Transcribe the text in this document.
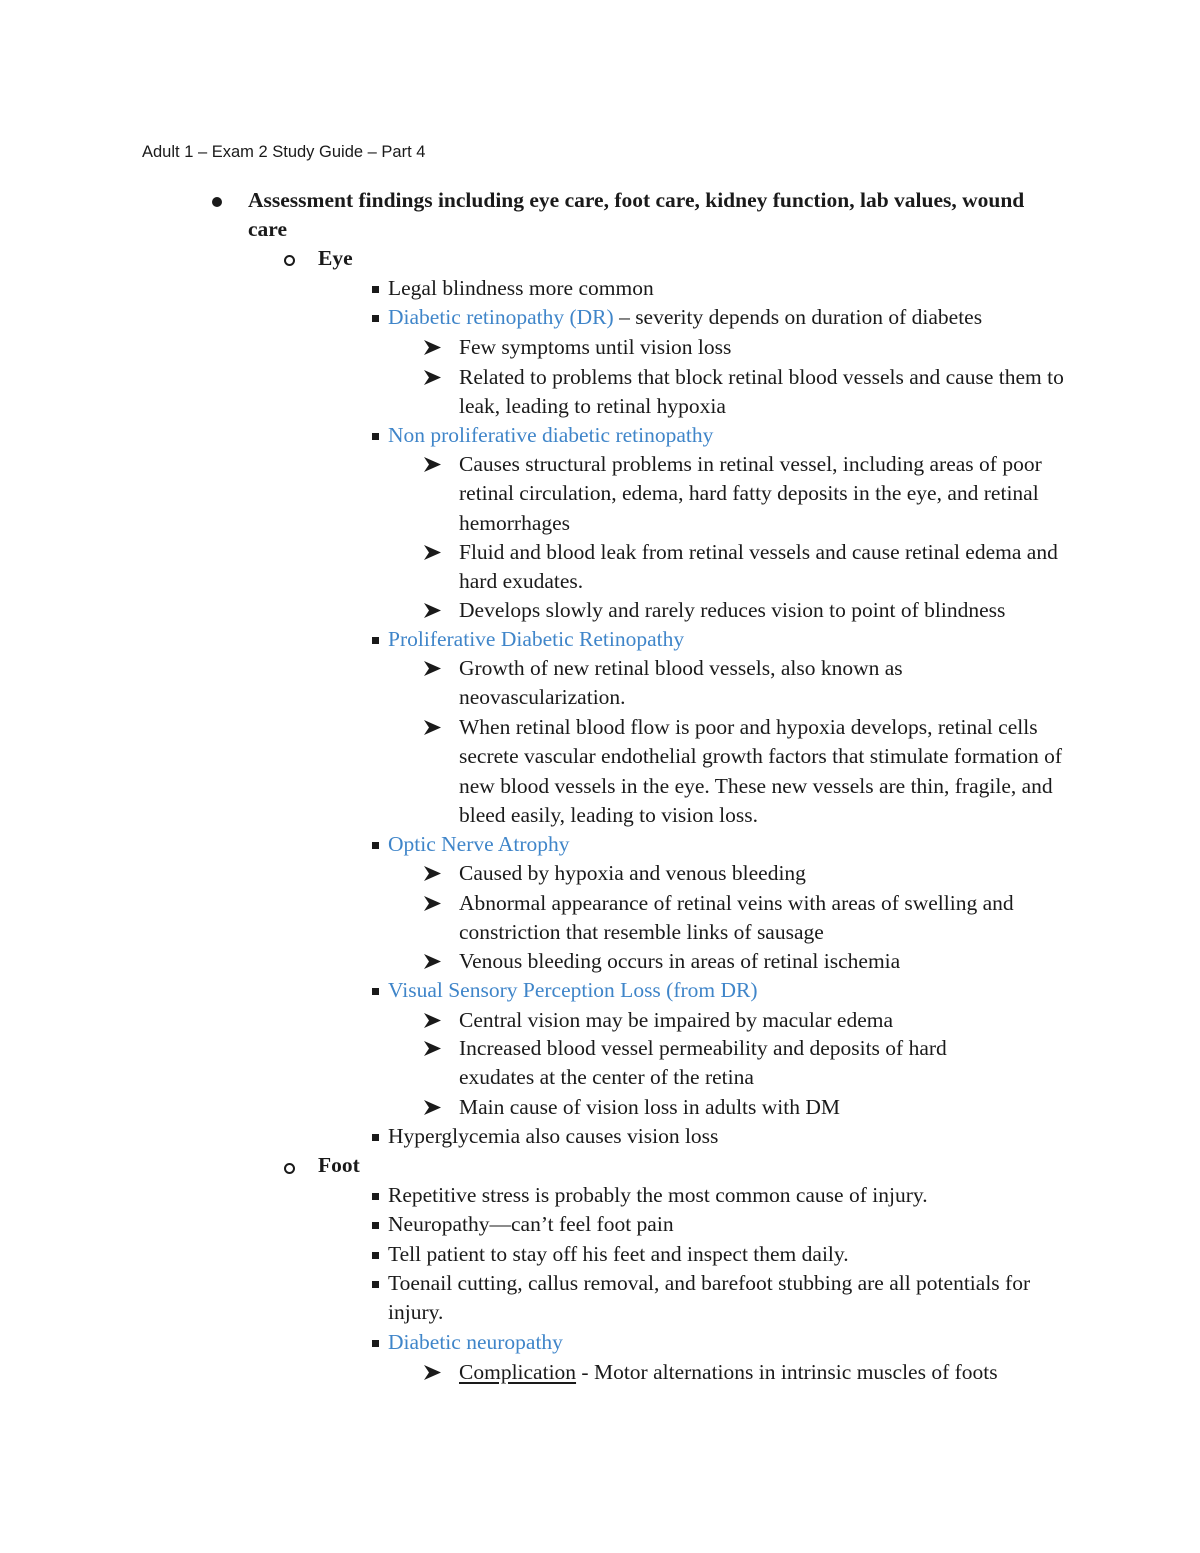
Adult 1 – Exam 2 Study Guide – Part 4
Assessment findings including eye care, foot care, kidney function, lab values, wound care
Eye
Legal blindness more common
Diabetic retinopathy (DR) – severity depends on duration of diabetes
Few symptoms until vision loss
Related to problems that block retinal blood vessels and cause them to leak, leading to retinal hypoxia
Non proliferative diabetic retinopathy
Causes structural problems in retinal vessel, including areas of poor retinal circulation, edema, hard fatty deposits in the eye, and retinal hemorrhages
Fluid and blood leak from retinal vessels and cause retinal edema and hard exudates.
Develops slowly and rarely reduces vision to point of blindness
Proliferative Diabetic Retinopathy
Growth of new retinal blood vessels, also known as neovascularization.
When retinal blood flow is poor and hypoxia develops, retinal cells secrete vascular endothelial growth factors that stimulate formation of new blood vessels in the eye. These new vessels are thin, fragile, and bleed easily, leading to vision loss.
Optic Nerve Atrophy
Caused by hypoxia and venous bleeding
Abnormal appearance of retinal veins with areas of swelling and constriction that resemble links of sausage
Venous bleeding occurs in areas of retinal ischemia
Visual Sensory Perception Loss (from DR)
Central vision may be impaired by macular edema
Increased blood vessel permeability and deposits of hard exudates at the center of the retina
Main cause of vision loss in adults with DM
Hyperglycemia also causes vision loss
Foot
Repetitive stress is probably the most common cause of injury.
Neuropathy—can’t feel foot pain
Tell patient to stay off his feet and inspect them daily.
Toenail cutting, callus removal, and barefoot stubbing are all potentials for injury.
Diabetic neuropathy
Complication - Motor alternations in intrinsic muscles of foots
